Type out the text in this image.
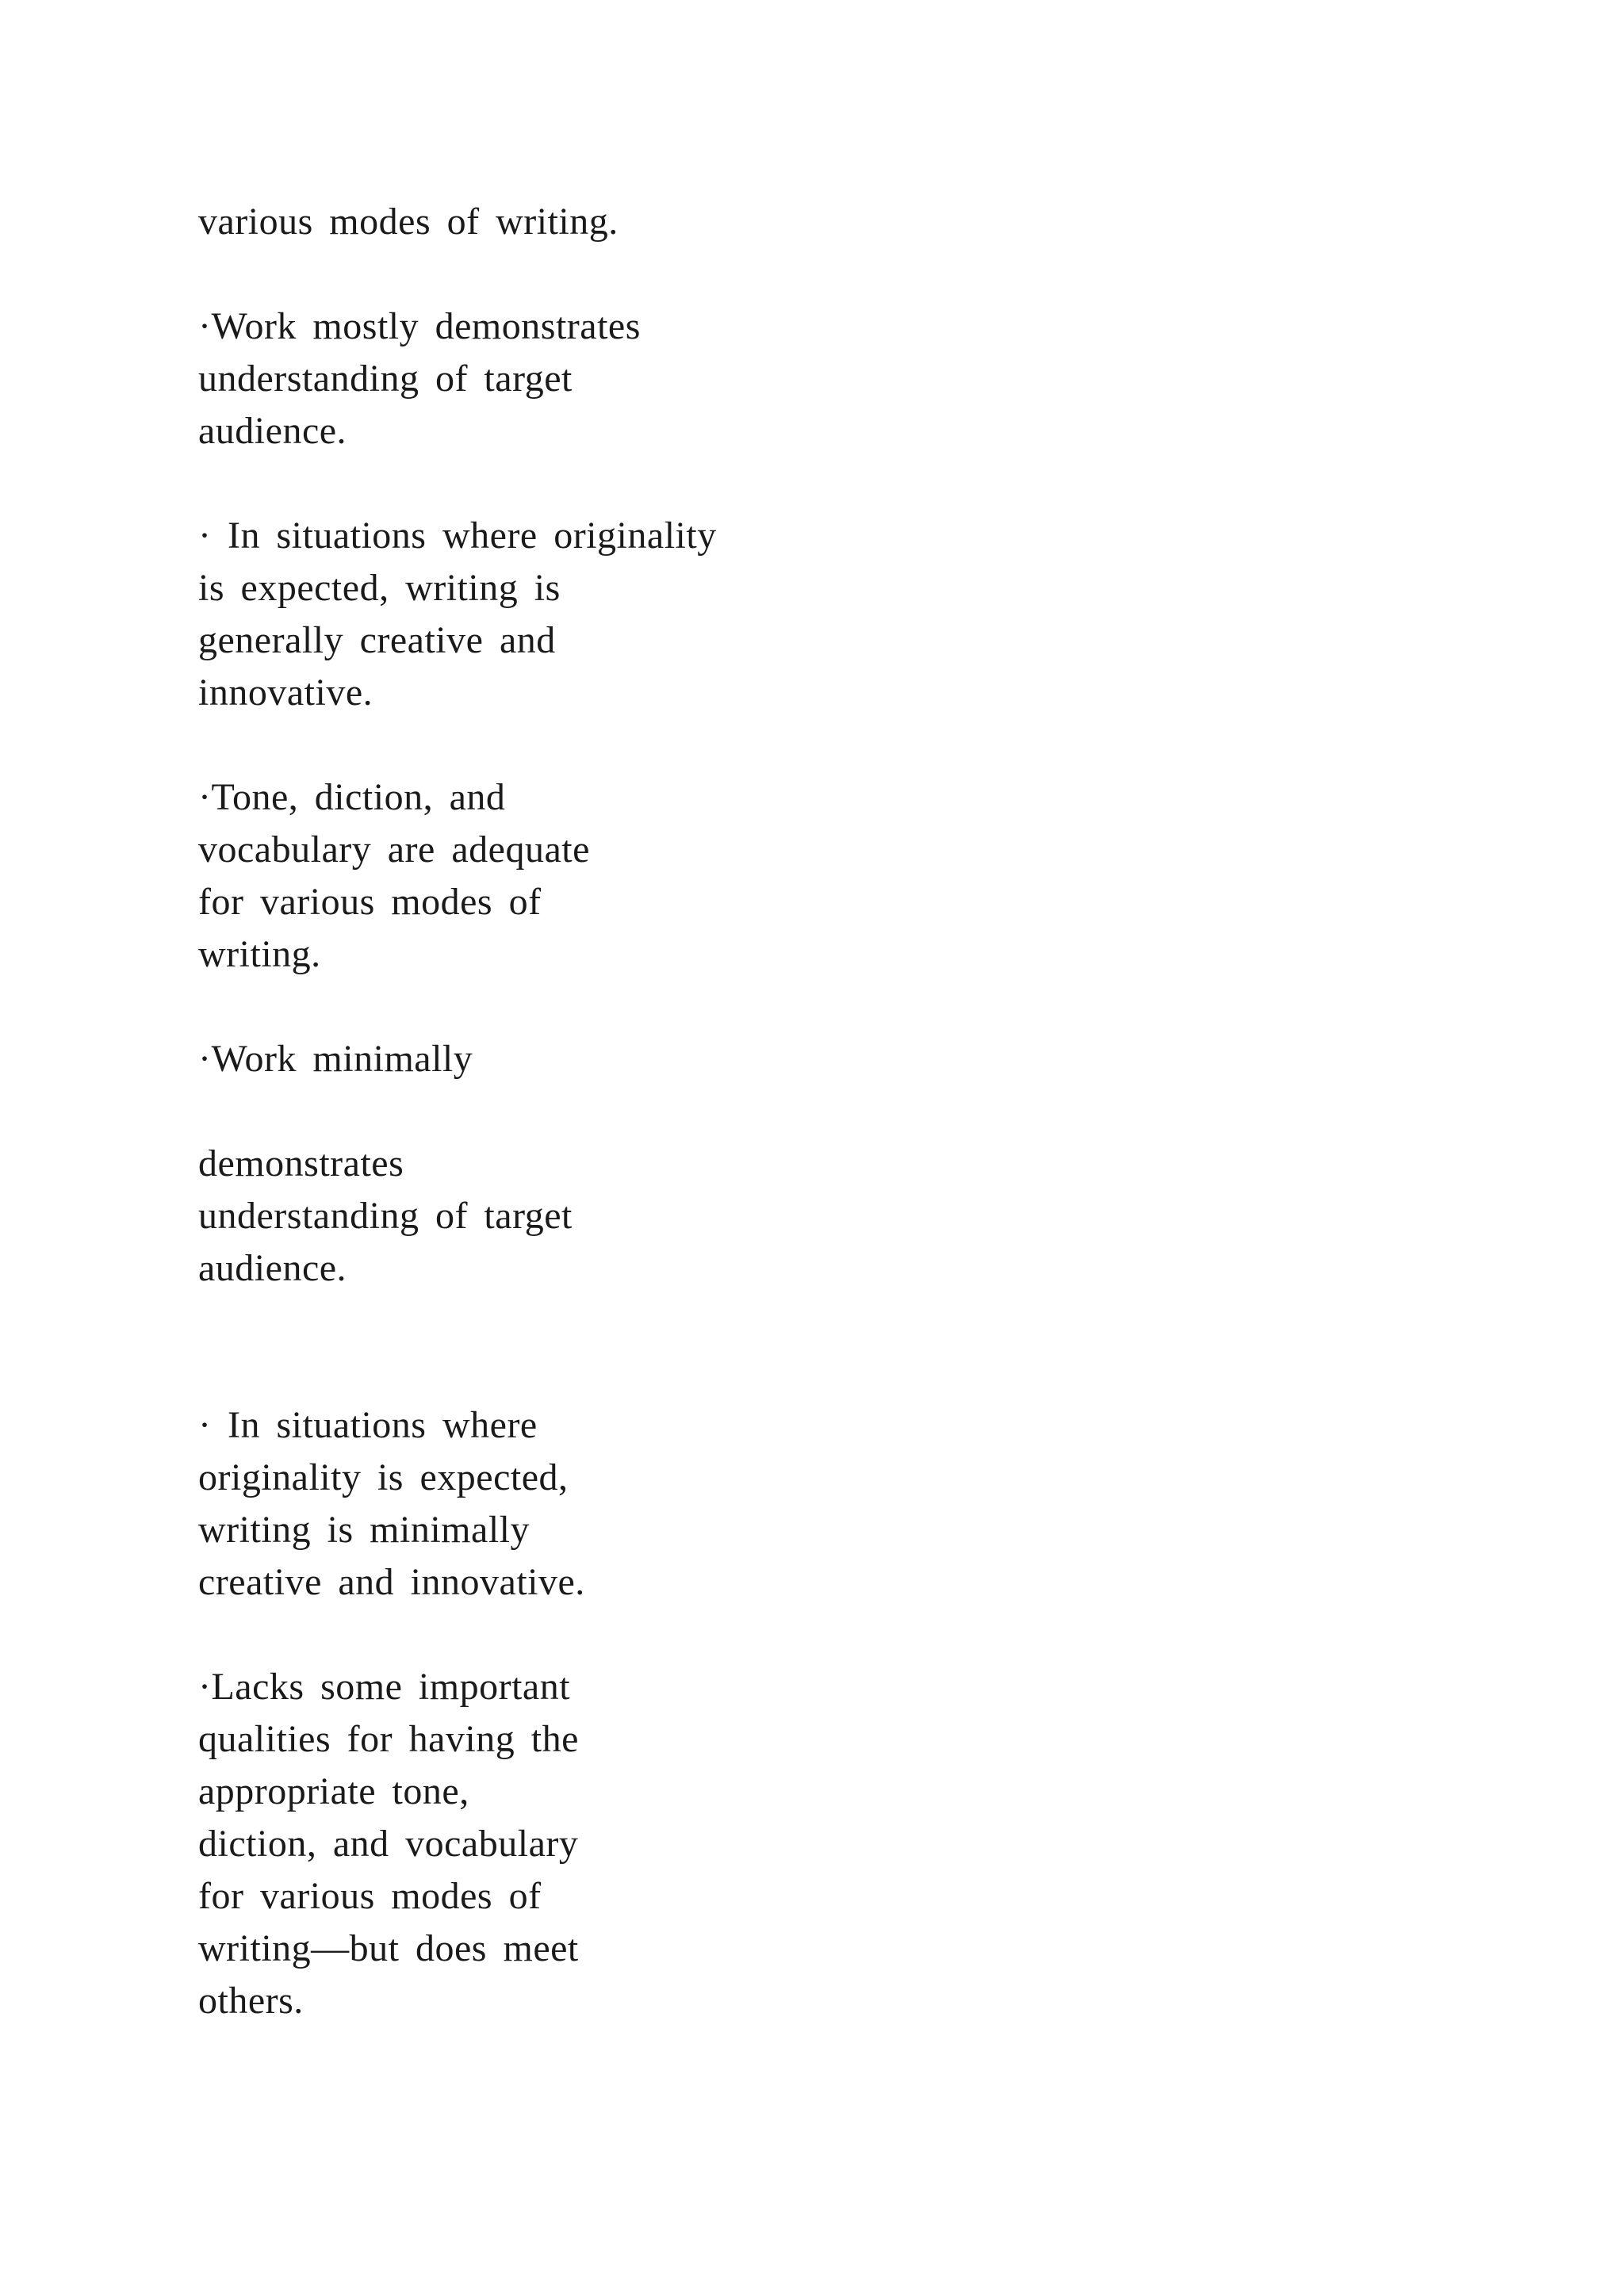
various modes of writing.
·Work mostly demonstrates
understanding of target
audience.
· In situations where originality
is expected, writing is
generally creative and
innovative.
·Tone, diction, and
vocabulary are adequate
for various modes of
writing.
·Work minimally
demonstrates
understanding of target
audience.
· In situations where
originality is expected,
writing is minimally
creative and innovative.
·Lacks some important
qualities for having the
appropriate tone,
diction, and vocabulary
for various modes of
writing—but does meet
others.
